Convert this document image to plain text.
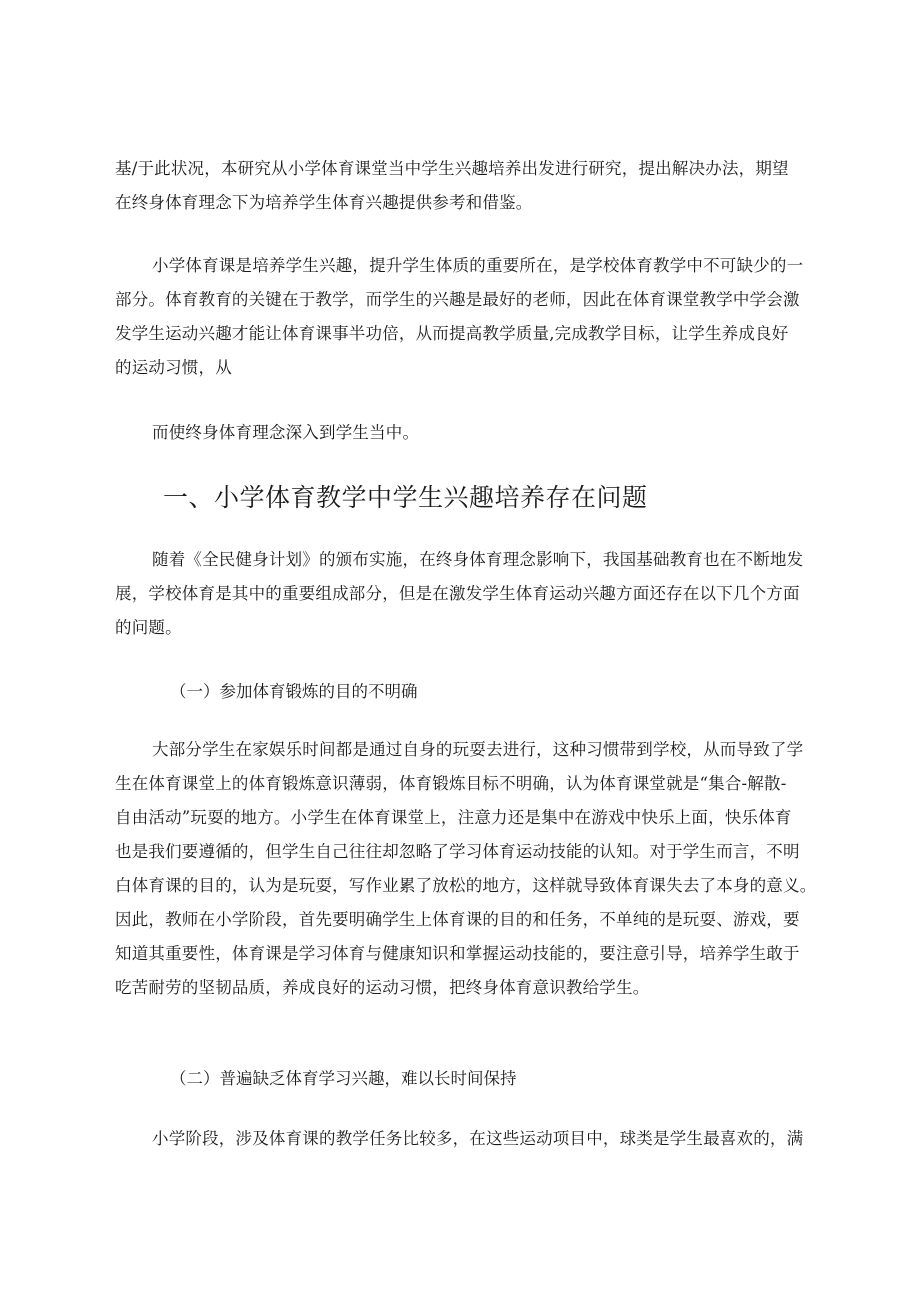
基/于此状况，本研究从小学体育课堂当中学生兴趣培养出发进行研究，提出解决办法，期望
在终身体育理念下为培养学生体育兴趣提供参考和借鉴。
小学体育课是培养学生兴趣，提升学生体质的重要所在，是学校体育教学中不可缺少的一
部分。体育教育的关键在于教学，而学生的兴趣是最好的老师，因此在体育课堂教学中学会激
发学生运动兴趣才能让体育课事半功倍，从而提高教学质量,完成教学目标，让学生养成良好
的运动习惯，从
而使终身体育理念深入到学生当中。
一、小学体育教学中学生兴趣培养存在问题
随着《全民健身计划》的颁布实施，在终身体育理念影响下，我国基础教育也在不断地发
展，学校体育是其中的重要组成部分，但是在激发学生体育运动兴趣方面还存在以下几个方面
的问题。
（一）参加体育锻炼的目的不明确
大部分学生在家娱乐时间都是通过自身的玩耍去进行，这种习惯带到学校，从而导致了学
生在体育课堂上的体育锻炼意识薄弱，体育锻炼目标不明确，认为体育课堂就是“集合-解散-
自由活动”玩耍的地方。小学生在体育课堂上，注意力还是集中在游戏中快乐上面，快乐体育
也是我们要遵循的，但学生自己往往却忽略了学习体育运动技能的认知。对于学生而言，不明
白体育课的目的，认为是玩耍，写作业累了放松的地方，这样就导致体育课失去了本身的意义。
因此，教师在小学阶段，首先要明确学生上体育课的目的和任务，不单纯的是玩耍、游戏，要
知道其重要性，体育课是学习体育与健康知识和掌握运动技能的，要注意引导，培养学生敢于
吃苦耐劳的坚韧品质，养成良好的运动习惯，把终身体育意识教给学生。
（二）普遍缺乏体育学习兴趣，难以长时间保持
小学阶段，涉及体育课的教学任务比较多，在这些运动项目中，球类是学生最喜欢的，满
